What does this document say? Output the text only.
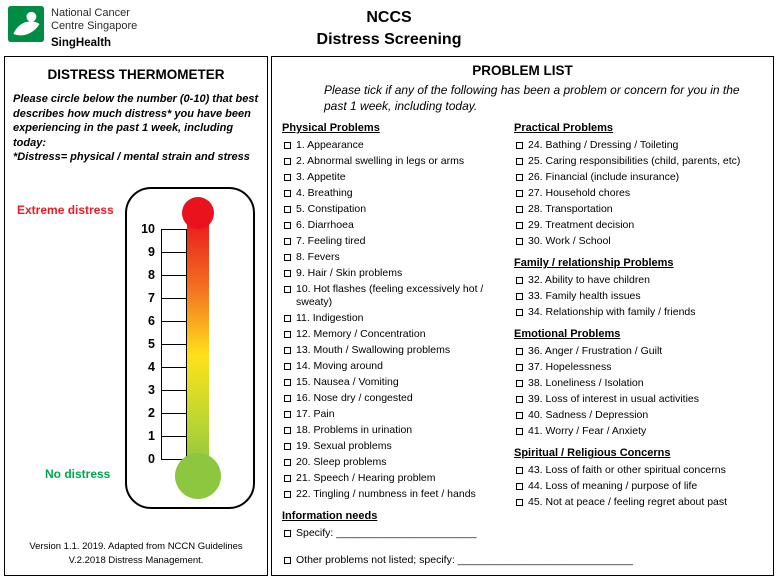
National Cancer
Centre Singapore
SingHealth
NCCS
Distress Screening
DISTRESS THERMOMETER
Please circle below the number (0-10) that best describes how much distress* you have been experiencing in the past 1 week, including today:
*Distress= physical / mental strain and stress
Extreme distress
No distress
10
9
8
7
6
5
4
3
2
1
0
Version 1.1. 2019. Adapted from NCCN Guidelines
V.2.2018 Distress Management.
PROBLEM LIST
Please tick if any of the following has been a problem or concern for you in the past 1 week, including today.
Physical Problems
1. Appearance
2. Abnormal swelling in legs or arms
3. Appetite
4. Breathing
5. Constipation
6. Diarrhoea
7. Feeling tired
8. Fevers
9. Hair / Skin problems
10. Hot flashes (feeling excessively hot / sweaty)
11. Indigestion
12. Memory / Concentration
13. Mouth / Swallowing problems
14. Moving around
15. Nausea / Vomiting
16. Nose dry / congested
17. Pain
18. Problems in urination
19. Sexual problems
20. Sleep problems
21. Speech / Hearing problem
22. Tingling / numbness in feet / hands
Information needs
Specify: ________________________
Practical Problems
24. Bathing / Dressing / Toileting
25. Caring responsibilities (child, parents, etc)
26. Financial (include insurance)
27. Household chores
28. Transportation
29. Treatment decision
30. Work / School
Family / relationship Problems
32. Ability to have children
33. Family health issues
34. Relationship with family / friends
Emotional Problems
36. Anger / Frustration / Guilt
37. Hopelessness
38. Loneliness / Isolation
39. Loss of interest in usual activities
40. Sadness / Depression
41. Worry / Fear / Anxiety
Spiritual / Religious Concerns
43. Loss of faith or other spiritual concerns
44. Loss of meaning / purpose of life
45. Not at peace / feeling regret about past
Other problems not listed; specify: ______________________________
